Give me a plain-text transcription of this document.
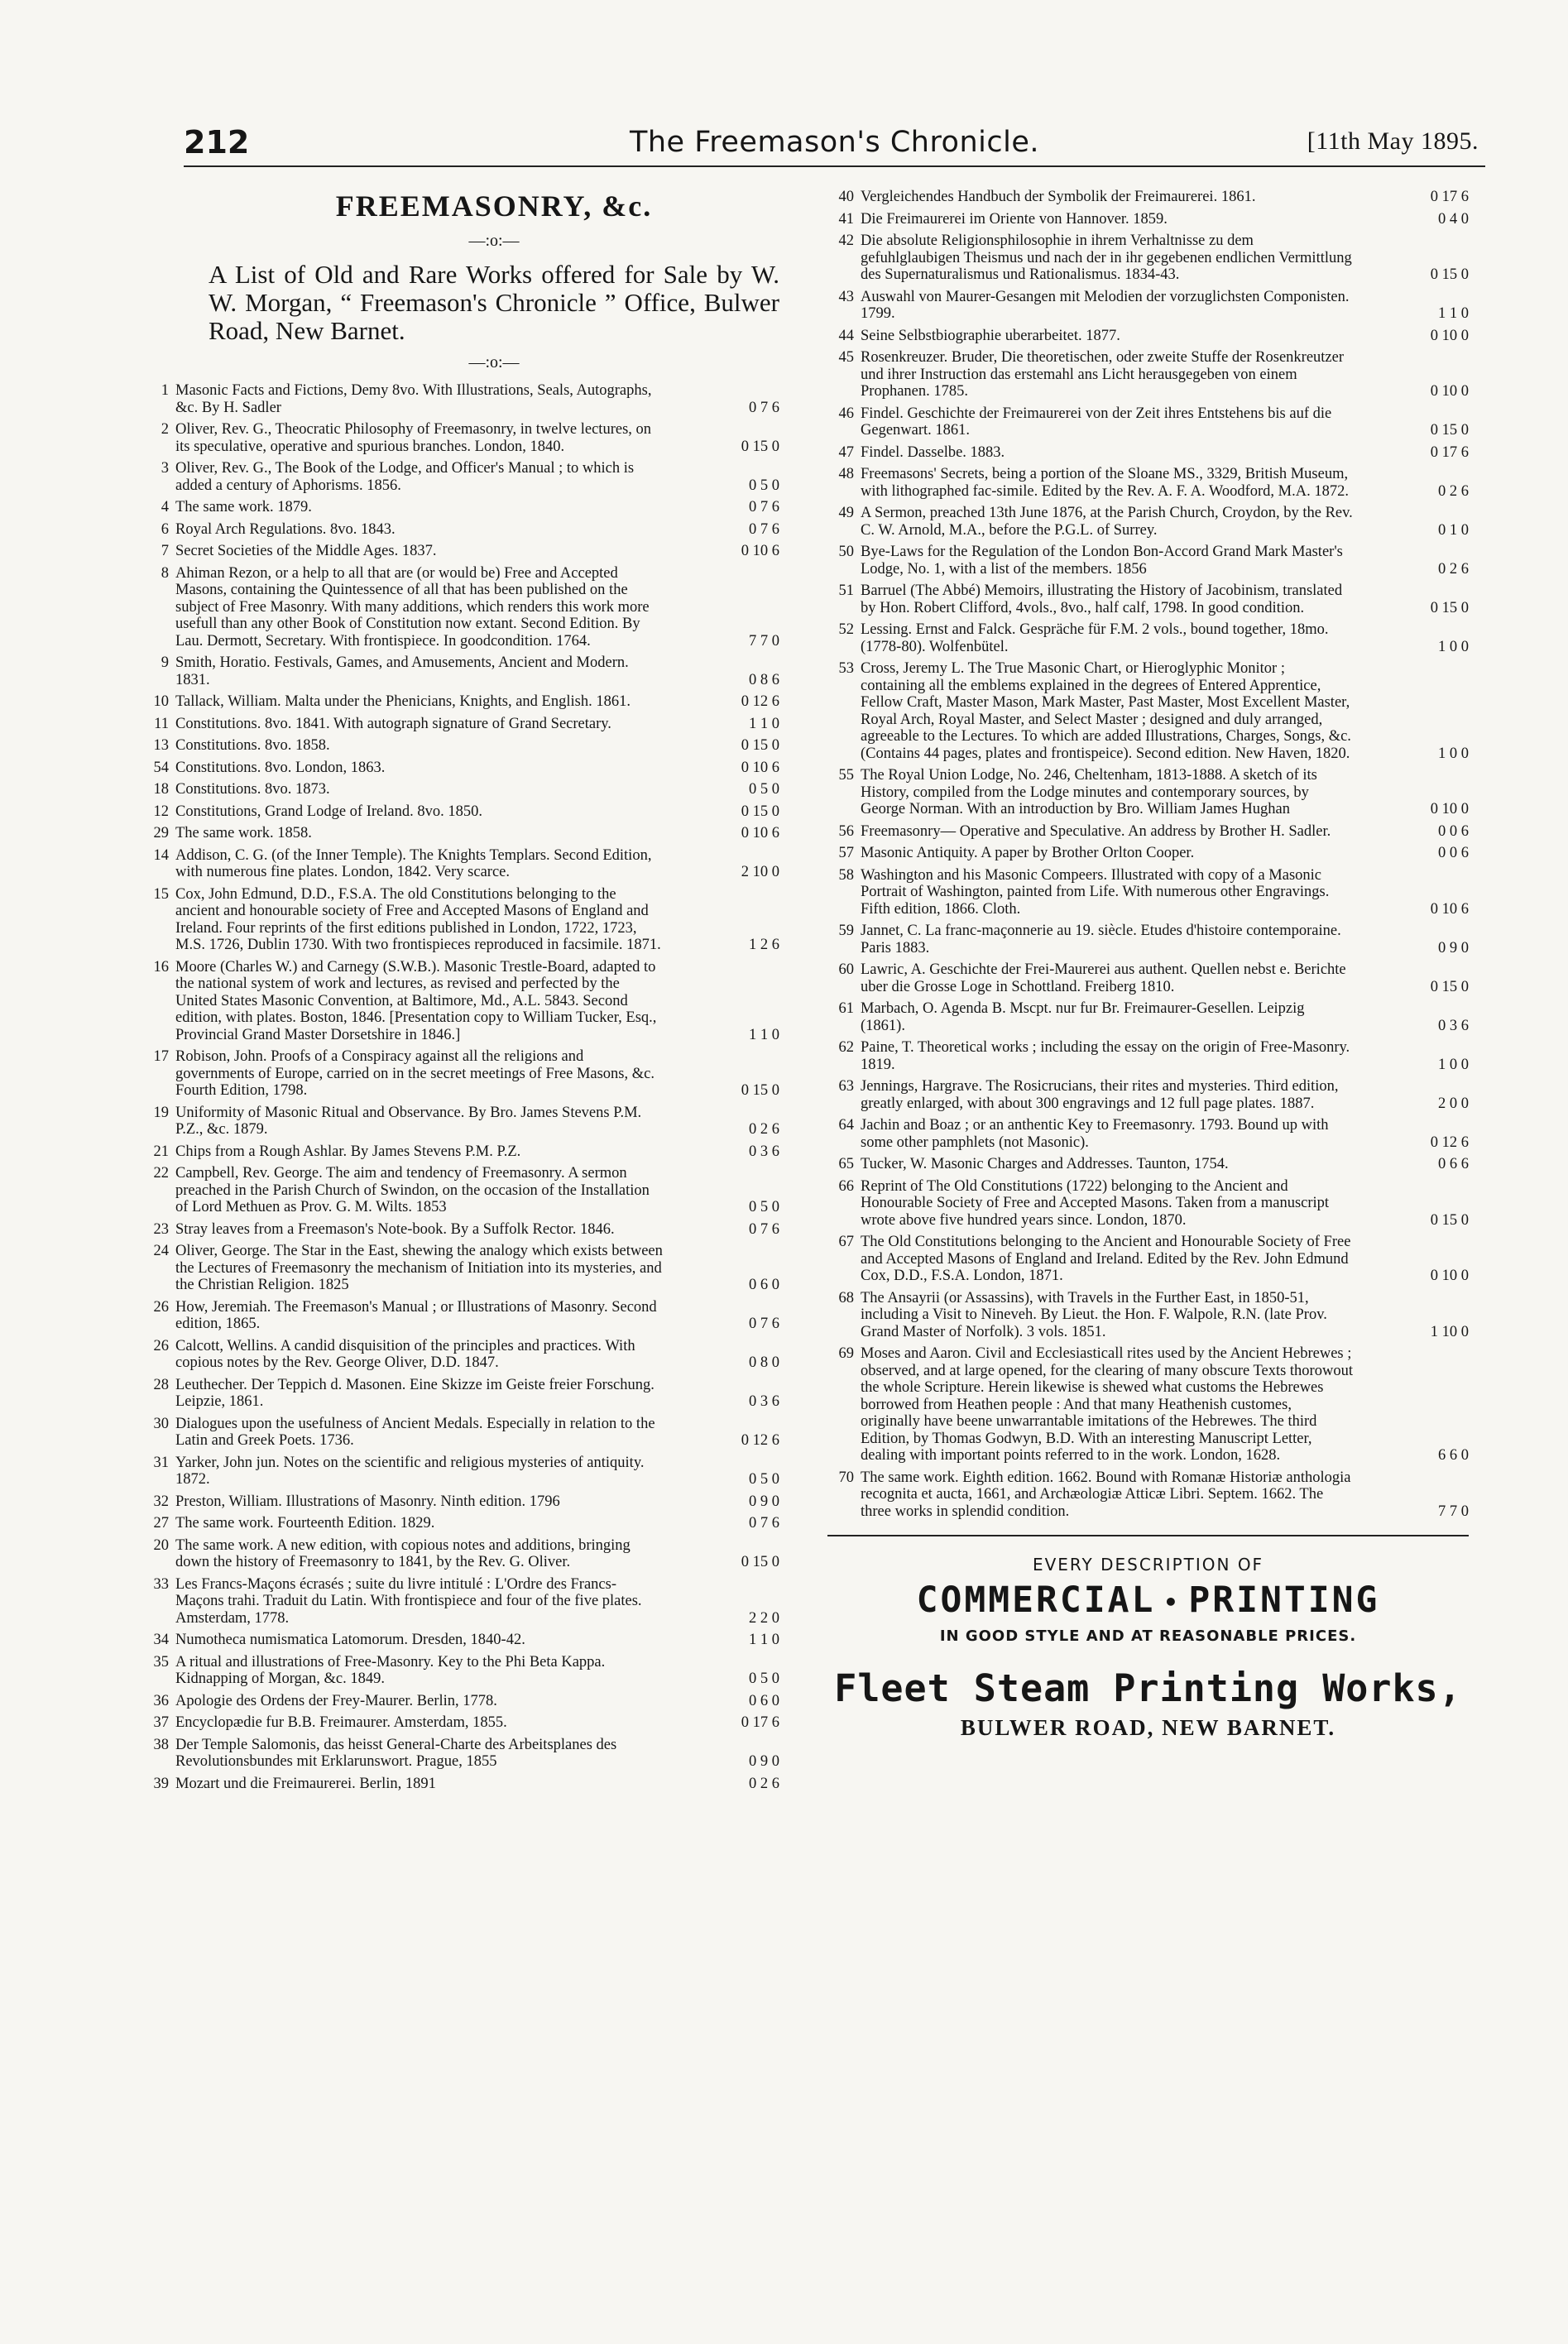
212	The Freemason's Chronicle.	[11th May 1895.
FREEMASONRY, &c.
—:o:—
A List of Old and Rare Works offered for Sale by W. W. Morgan, “ Freemason's Chronicle ” Office, Bulwer Road, New Barnet.
—:o:—
1 Masonic Facts and Fictions, Demy 8vo. With Illustrations, Seals, Autographs, &c. By H. Sadler	0 7 6
2 Oliver, Rev. G., Theocratic Philosophy of Freemasonry, in twelve lectures, on its speculative, operative and spurious branches. London, 1840.	0 15 0
3 Oliver, Rev. G., The Book of the Lodge, and Officer's Manual ; to which is added a century of Aphorisms. 1856.	0 5 0
4 The same work. 1879.	0 7 6
6 Royal Arch Regulations. 8vo. 1843.	0 7 6
7 Secret Societies of the Middle Ages. 1837.	0 10 6
8 Ahiman Rezon, or a help to all that are (or would be) Free and Accepted Masons, containing the Quintessence of all that has been published on the subject of Free Masonry. With many additions, which renders this work more usefull than any other Book of Constitution now extant. Second Edition. By Lau. Dermott, Secretary. With frontispiece. In goodcondition. 1764.	7 7 0
9 Smith, Horatio. Festivals, Games, and Amusements, Ancient and Modern. 1831.	0 8 6
10 Tallack, William. Malta under the Phenicians, Knights, and English. 1861.	0 12 6
11 Constitutions. 8vo. 1841. With autograph signature of Grand Secretary.	1 1 0
13 Constitutions. 8vo. 1858.	0 15 0
54 Constitutions. 8vo. London, 1863.	0 10 6
18 Constitutions. 8vo. 1873.	0 5 0
12 Constitutions, Grand Lodge of Ireland. 8vo. 1850.	0 15 0
29 The same work. 1858.	0 10 6
14 Addison, C. G. (of the Inner Temple). The Knights Templars. Second Edition, with numerous fine plates. London, 1842. Very scarce.	2 10 0
15 Cox, John Edmund, D.D., F.S.A. The old Constitutions belonging to the ancient and honourable society of Free and Accepted Masons of England and Ireland. Four reprints of the first editions published in London, 1722, 1723, M.S. 1726, Dublin 1730. With two frontispieces reproduced in facsimile. 1871.	1 2 6
16 Moore (Charles W.) and Carnegy (S.W.B.). Masonic Trestle-Board, adapted to the national system of work and lectures, as revised and perfected by the United States Masonic Convention, at Baltimore, Md., A.L. 5843. Second edition, with plates. Boston, 1846. [Presentation copy to William Tucker, Esq., Provincial Grand Master Dorsetshire in 1846.]	1 1 0
17 Robison, John. Proofs of a Conspiracy against all the religions and governments of Europe, carried on in the secret meetings of Free Masons, &c. Fourth Edition, 1798.	0 15 0
19 Uniformity of Masonic Ritual and Observance. By Bro. James Stevens P.M. P.Z., &c. 1879.	0 2 6
21 Chips from a Rough Ashlar. By James Stevens P.M. P.Z.	0 3 6
22 Campbell, Rev. George. The aim and tendency of Freemasonry. A sermon preached in the Parish Church of Swindon, on the occasion of the Installation of Lord Methuen as Prov. G. M. Wilts. 1853	0 5 0
23 Stray leaves from a Freemason's Note-book. By a Suffolk Rector. 1846.	0 7 6
24 Oliver, George. The Star in the East, shewing the analogy which exists between the Lectures of Freemasonry the mechanism of Initiation into its mysteries, and the Christian Religion. 1825	0 6 0
26 How, Jeremiah. The Freemason's Manual ; or Illustrations of Masonry. Second edition, 1865.	0 7 6
26 Calcott, Wellins. A candid disquisition of the principles and practices. With copious notes by the Rev. George Oliver, D.D. 1847.	0 8 0
28 Leuthecher. Der Teppich d. Masonen. Eine Skizze im Geiste freier Forschung. Leipzie, 1861.	0 3 6
30 Dialogues upon the usefulness of Ancient Medals. Especially in relation to the Latin and Greek Poets. 1736.	0 12 6
31 Yarker, John jun. Notes on the scientific and religious mysteries of antiquity. 1872.	0 5 0
32 Preston, William. Illustrations of Masonry. Ninth edition. 1796	0 9 0
27 The same work. Fourteenth Edition. 1829.	0 7 6
20 The same work. A new edition, with copious notes and additions, bringing down the history of Freemasonry to 1841, by the Rev. G. Oliver.	0 15 0
33 Les Francs-Maçons écrasés ; suite du livre intitulé : L'Ordre des Francs-Maçons trahi. Traduit du Latin. With frontispiece and four of the five plates. Amsterdam, 1778.	2 2 0
34 Numotheca numismatica Latomorum. Dresden, 1840-42.	1 1 0
35 A ritual and illustrations of Free-Masonry. Key to the Phi Beta Kappa. Kidnapping of Morgan, &c. 1849.	0 5 0
36 Apologie des Ordens der Frey-Maurer. Berlin, 1778.	0 6 0
37 Encyclopædie fur B.B. Freimaurer. Amsterdam, 1855.	0 17 6
38 Der Temple Salomonis, das heisst General-Charte des Arbeitsplanes des Revolutionsbundes mit Erklarunswort. Prague, 1855	0 9 0
39 Mozart und die Freimaurerei. Berlin, 1891	0 2 6
40 Vergleichendes Handbuch der Symbolik der Freimaurerei. 1861.	0 17 6
41 Die Freimaurerei im Oriente von Hannover. 1859.	0 4 0
42 Die absolute Religionsphilosophie in ihrem Verhaltnisse zu dem gefuhlglaubigen Theismus und nach der in ihr gegebenen endlichen Vermittlung des Supernaturalismus und Rationalismus. 1834-43.	0 15 0
43 Auswahl von Maurer-Gesangen mit Melodien der vorzuglichsten Componisten. 1799.	1 1 0
44 Seine Selbstbiographie uberarbeitet. 1877.	0 10 0
45 Rosenkreuzer. Bruder, Die theoretischen, oder zweite Stuffe der Rosenkreutzer und ihrer Instruction das erstemahl ans Licht herausgegeben von einem Prophanen. 1785.	0 10 0
46 Findel. Geschichte der Freimaurerei von der Zeit ihres Entstehens bis auf die Gegenwart. 1861.	0 15 0
47 Findel. Dasselbe. 1883.	0 17 6
48 Freemasons' Secrets, being a portion of the Sloane MS., 3329, British Museum, with lithographed fac-simile. Edited by the Rev. A. F. A. Woodford, M.A. 1872.	0 2 6
49 A Sermon, preached 13th June 1876, at the Parish Church, Croydon, by the Rev. C. W. Arnold, M.A., before the P.G.L. of Surrey.	0 1 0
50 Bye-Laws for the Regulation of the London Bon-Accord Grand Mark Master's Lodge, No. 1, with a list of the members. 1856	0 2 6
51 Barruel (The Abbé) Memoirs, illustrating the History of Jacobinism, translated by Hon. Robert Clifford, 4vols., 8vo., half calf, 1798. In good condition.	0 15 0
52 Lessing. Ernst and Falck. Gespräche für F.M. 2 vols., bound together, 18mo. (1778-80). Wolfenbütel.	1 0 0
53 Cross, Jeremy L. The True Masonic Chart, or Hieroglyphic Monitor ; containing all the emblems explained in the degrees of Entered Apprentice, Fellow Craft, Master Mason, Mark Master, Past Master, Most Excellent Master, Royal Arch, Royal Master, and Select Master ; designed and duly arranged, agreeable to the Lectures. To which are added Illustrations, Charges, Songs, &c. (Contains 44 pages, plates and frontispeice). Second edition. New Haven, 1820.	1 0 0
55 The Royal Union Lodge, No. 246, Cheltenham, 1813-1888. A sketch of its History, compiled from the Lodge minutes and contemporary sources, by George Norman. With an introduction by Bro. William James Hughan	0 10 0
56 Freemasonry— Operative and Speculative. An address by Brother H. Sadler.	0 0 6
57 Masonic Antiquity. A paper by Brother Orlton Cooper.	0 0 6
58 Washington and his Masonic Compeers. Illustrated with copy of a Masonic Portrait of Washington, painted from Life. With numerous other Engravings. Fifth edition, 1866. Cloth.	0 10 6
59 Jannet, C. La franc-maçonnerie au 19. siècle. Etudes d'histoire contemporaine. Paris 1883.	0 9 0
60 Lawric, A. Geschichte der Frei-Maurerei aus authent. Quellen nebst e. Berichte uber die Grosse Loge in Schottland. Freiberg 1810.	0 15 0
61 Marbach, O. Agenda B. Mscpt. nur fur Br. Freimaurer-Gesellen. Leipzig (1861).	0 3 6
62 Paine, T. Theoretical works ; including the essay on the origin of Free-Masonry. 1819.	1 0 0
63 Jennings, Hargrave. The Rosicrucians, their rites and mysteries. Third edition, greatly enlarged, with about 300 engravings and 12 full page plates. 1887.	2 0 0
64 Jachin and Boaz ; or an anthentic Key to Freemasonry. 1793. Bound up with some other pamphlets (not Masonic).	0 12 6
65 Tucker, W. Masonic Charges and Addresses. Taunton, 1754.	0 6 6
66 Reprint of The Old Constitutions (1722) belonging to the Ancient and Honourable Society of Free and Accepted Masons. Taken from a manuscript wrote above five hundred years since. London, 1870.	0 15 0
67 The Old Constitutions belonging to the Ancient and Honourable Society of Free and Accepted Masons of England and Ireland. Edited by the Rev. John Edmund Cox, D.D., F.S.A. London, 1871.	0 10 0
68 The Ansayrii (or Assassins), with Travels in the Further East, in 1850-51, including a Visit to Nineveh. By Lieut. the Hon. F. Walpole, R.N. (late Prov. Grand Master of Norfolk). 3 vols. 1851.	1 10 0
69 Moses and Aaron. Civil and Ecclesiasticall rites used by the Ancient Hebrewes ; observed, and at large opened, for the clearing of many obscure Texts thorowout the whole Scripture. Herein likewise is shewed what customs the Hebrewes borrowed from Heathen people : And that many Heathenish customes, originally have beene unwarrantable imitations of the Hebrewes. The third Edition, by Thomas Godwyn, B.D. With an interesting Manuscript Letter, dealing with important points referred to in the work. London, 1628.	6 6 0
70 The same work. Eighth edition. 1662. Bound with Romanæ Historiæ anthologia recognita et aucta, 1661, and Archæologiæ Atticæ Libri. Septem. 1662. The three works in splendid condition.	7 7 0
EVERY DESCRIPTION OF
COMMERCIAL • PRINTING
IN GOOD STYLE AND AT REASONABLE PRICES.
Fleet Steam Printing Works,
BULWER ROAD, NEW BARNET.
